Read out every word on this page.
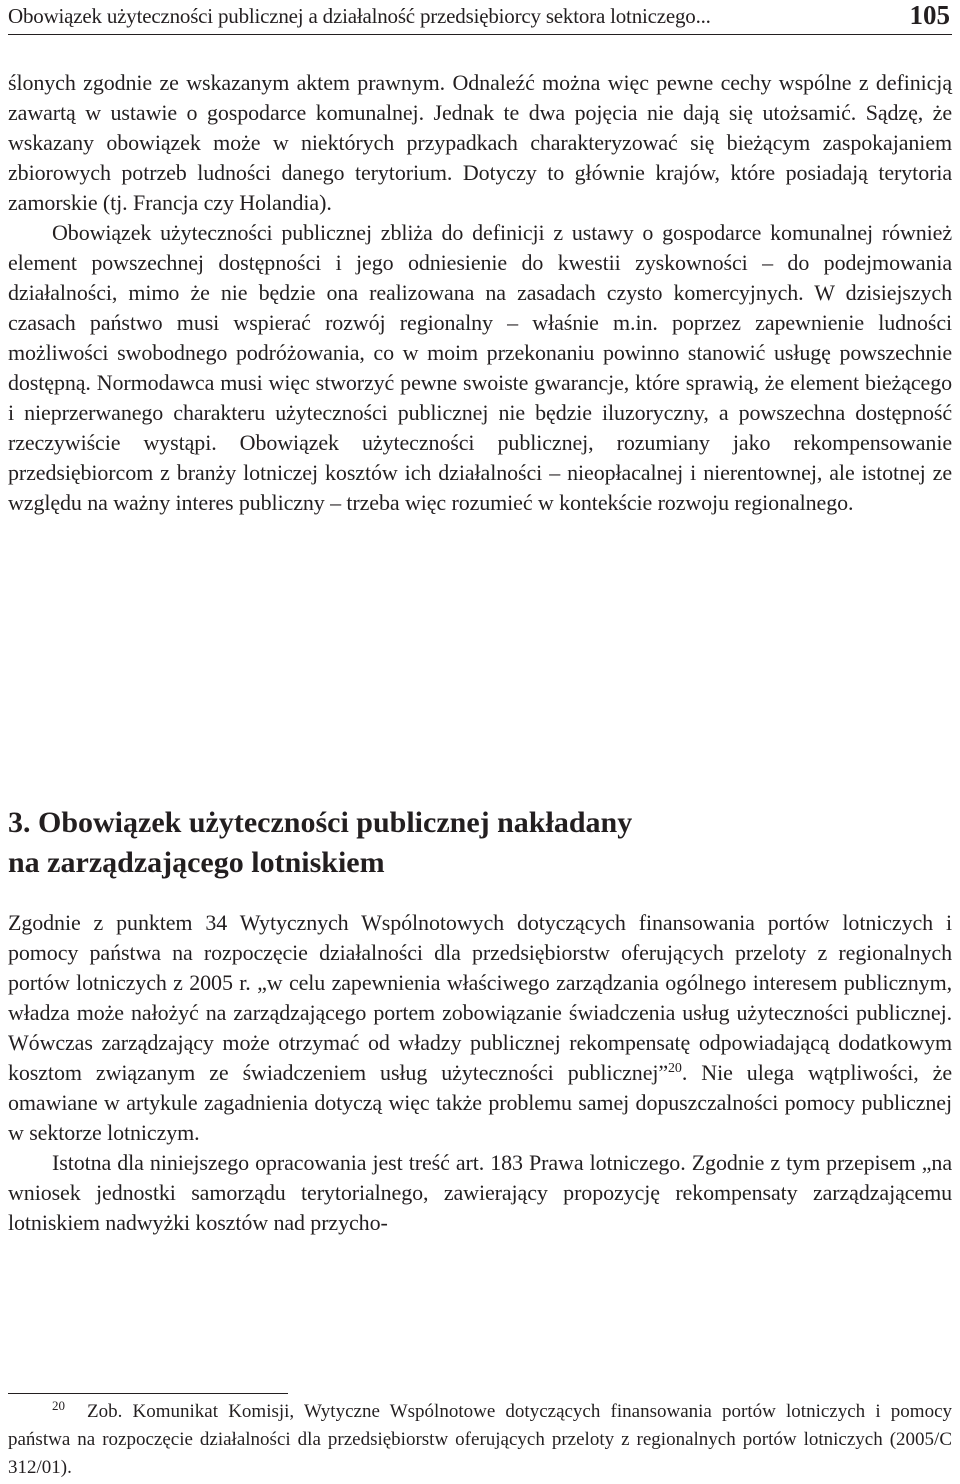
Obowiązek użyteczności publicznej a działalność przedsiębiorcy sektora lotniczego...	105

ślonych zgodnie ze wskazanym aktem prawnym. Odnaleźć można więc pewne cechy wspólne z definicją zawartą w ustawie o gospodarce komunalnej. Jednak te dwa pojęcia nie dają się utożsamić. Sądzę, że wskazany obowiązek może w niektórych przypadkach charakteryzować się bieżącym zaspokajaniem zbiorowych potrzeb ludności danego terytorium. Dotyczy to głównie krajów, które posiadają terytoria zamorskie (tj. Francja czy Holandia).

Obowiązek użyteczności publicznej zbliża do definicji z ustawy o gospodarce komunalnej również element powszechnej dostępności i jego odniesienie do kwestii zyskowności – do podejmowania działalności, mimo że nie będzie ona realizowana na zasadach czysto komercyjnych. W dzisiejszych czasach państwo musi wspierać rozwój regionalny – właśnie m.in. poprzez zapewnienie ludności możliwości swobodnego podróżowania, co w moim przekonaniu powinno stanowić usługę powszechnie dostępną. Normodawca musi więc stworzyć pewne swoiste gwarancje, które sprawią, że element bieżącego i nieprzerwanego charakteru użyteczności publicznej nie będzie iluzoryczny, a powszechna dostępność rzeczywiście wystąpi. Obowiązek użyteczności publicznej, rozumiany jako rekompensowanie przedsiębiorcom z branży lotniczej kosztów ich działalności – nieopłacalnej i nierentownej, ale istotnej ze względu na ważny interes publiczny – trzeba więc rozumieć w kontekście rozwoju regionalnego.

3. Obowiązek użyteczności publicznej nakładany
na zarządzającego lotniskiem

Zgodnie z punktem 34 Wytycznych Wspólnotowych dotyczących finansowania portów lotniczych i pomocy państwa na rozpoczęcie działalności dla przedsiębiorstw oferujących przeloty z regionalnych portów lotniczych z 2005 r. „w celu zapewnienia właściwego zarządzania ogólnego interesem publicznym, władza może nałożyć na zarządzającego portem zobowiązanie świadczenia usług użyteczności publicznej. Wówczas zarządzający może otrzymać od władzy publicznej rekompensatę odpowiadającą dodatkowym kosztom związanym ze świadczeniem usług użyteczności publicznej”$^{20}$. Nie ulega wątpliwości, że omawiane w artykule zagadnienia dotyczą więc także problemu samej dopuszczalności pomocy publicznej w sektorze lotniczym.

Istotna dla niniejszego opracowania jest treść art. 183 Prawa lotniczego. Zgodnie z tym przepisem „na wniosek jednostki samorządu terytorialnego, zawierający propozycję rekompensaty zarządzającemu lotniskiem nadwyżki kosztów nad przycho-

$^{20}$ Zob. Komunikat Komisji, Wytyczne Wspólnotowe dotyczących finansowania portów lotniczych i pomocy państwa na rozpoczęcie działalności dla przedsiębiorstw oferujących przeloty z regionalnych portów lotniczych (2005/C 312/01).
